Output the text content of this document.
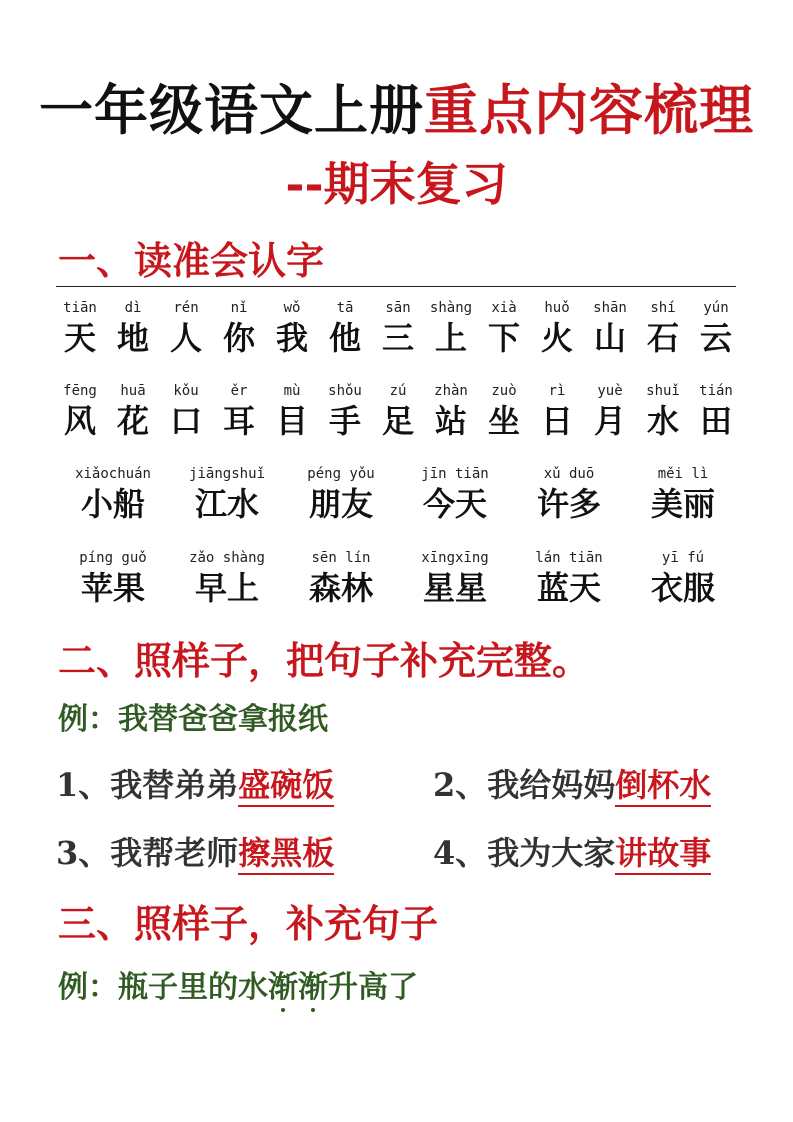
一年级语文上册重点内容梳理
--期末复习
一、读准会认字
tiān
天
dì
地
rén
人
nǐ
你
wǒ
我
tā
他
sān
三
shàng
上
xià
下
huǒ
火
shān
山
shí
石
yún
云
fēng
风
huā
花
kǒu
口
ěr
耳
mù
目
shǒu
手
zú
足
zhàn
站
zuò
坐
rì
日
yuè
月
shuǐ
水
tián
田
xiǎochuán
小船
jiāngshuǐ
江水
péng yǒu
朋友
jīn tiān
今天
xǔ duō
许多
měi lì
美丽
píng guǒ
苹果
zǎo shàng
早上
sēn lín
森林
xīngxīng
星星
lán tiān
蓝天
yī fú
衣服
二、照样子，把句子补充完整。
例：我替爸爸拿报纸
1、我替弟弟盛碗饭	2、我给妈妈倒杯水
3、我帮老师擦黑板	4、我为大家讲故事
三、照样子，补充句子
例：瓶子里的水渐渐升高了
